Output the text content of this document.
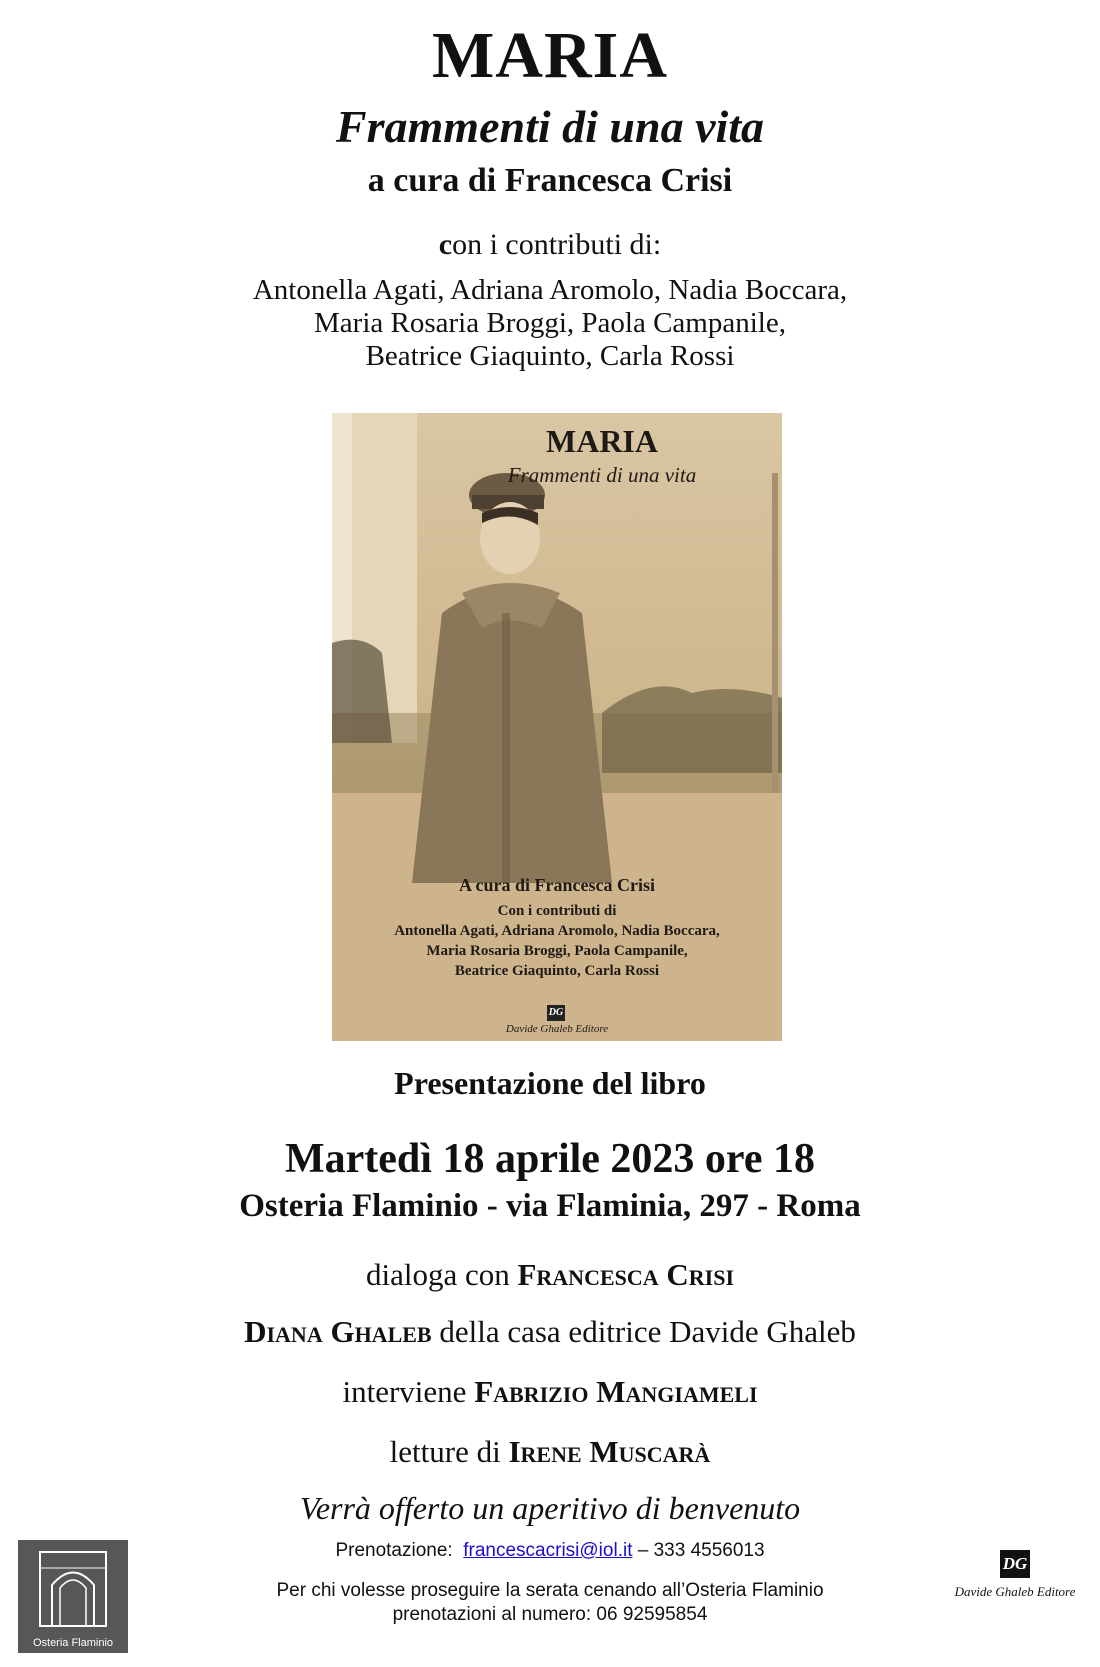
MARIA
Frammenti di una vita
a cura di Francesca Crisi
con i contributi di:
Antonella Agati, Adriana Aromolo, Nadia Boccara,
Maria Rosaria Broggi, Paola Campanile,
Beatrice Giaquinto, Carla Rossi
MARIA
Frammenti di una vita
A cura di Francesca Crisi
Con i contributi di
Antonella Agati, Adriana Aromolo, Nadia Boccara,
Maria Rosaria Broggi, Paola Campanile,
Beatrice Giaquinto, Carla Rossi
DG
Davide Ghaleb Editore
Presentazione del libro
Martedì 18 aprile 2023 ore 18
Osteria Flaminio - via Flaminia, 297 - Roma
dialoga con Francesca Crisi
Diana Ghaleb della casa editrice Davide Ghaleb
interviene Fabrizio Mangiameli
letture di Irene Muscarà
Verrà offerto un aperitivo di benvenuto
Prenotazione: francescacrisi@iol.it – 333 4556013
Per chi volesse proseguire la serata cenando all’Osteria Flaminio
prenotazioni al numero: 06 92595854
Osteria Flaminio
DG
Davide Ghaleb Editore
